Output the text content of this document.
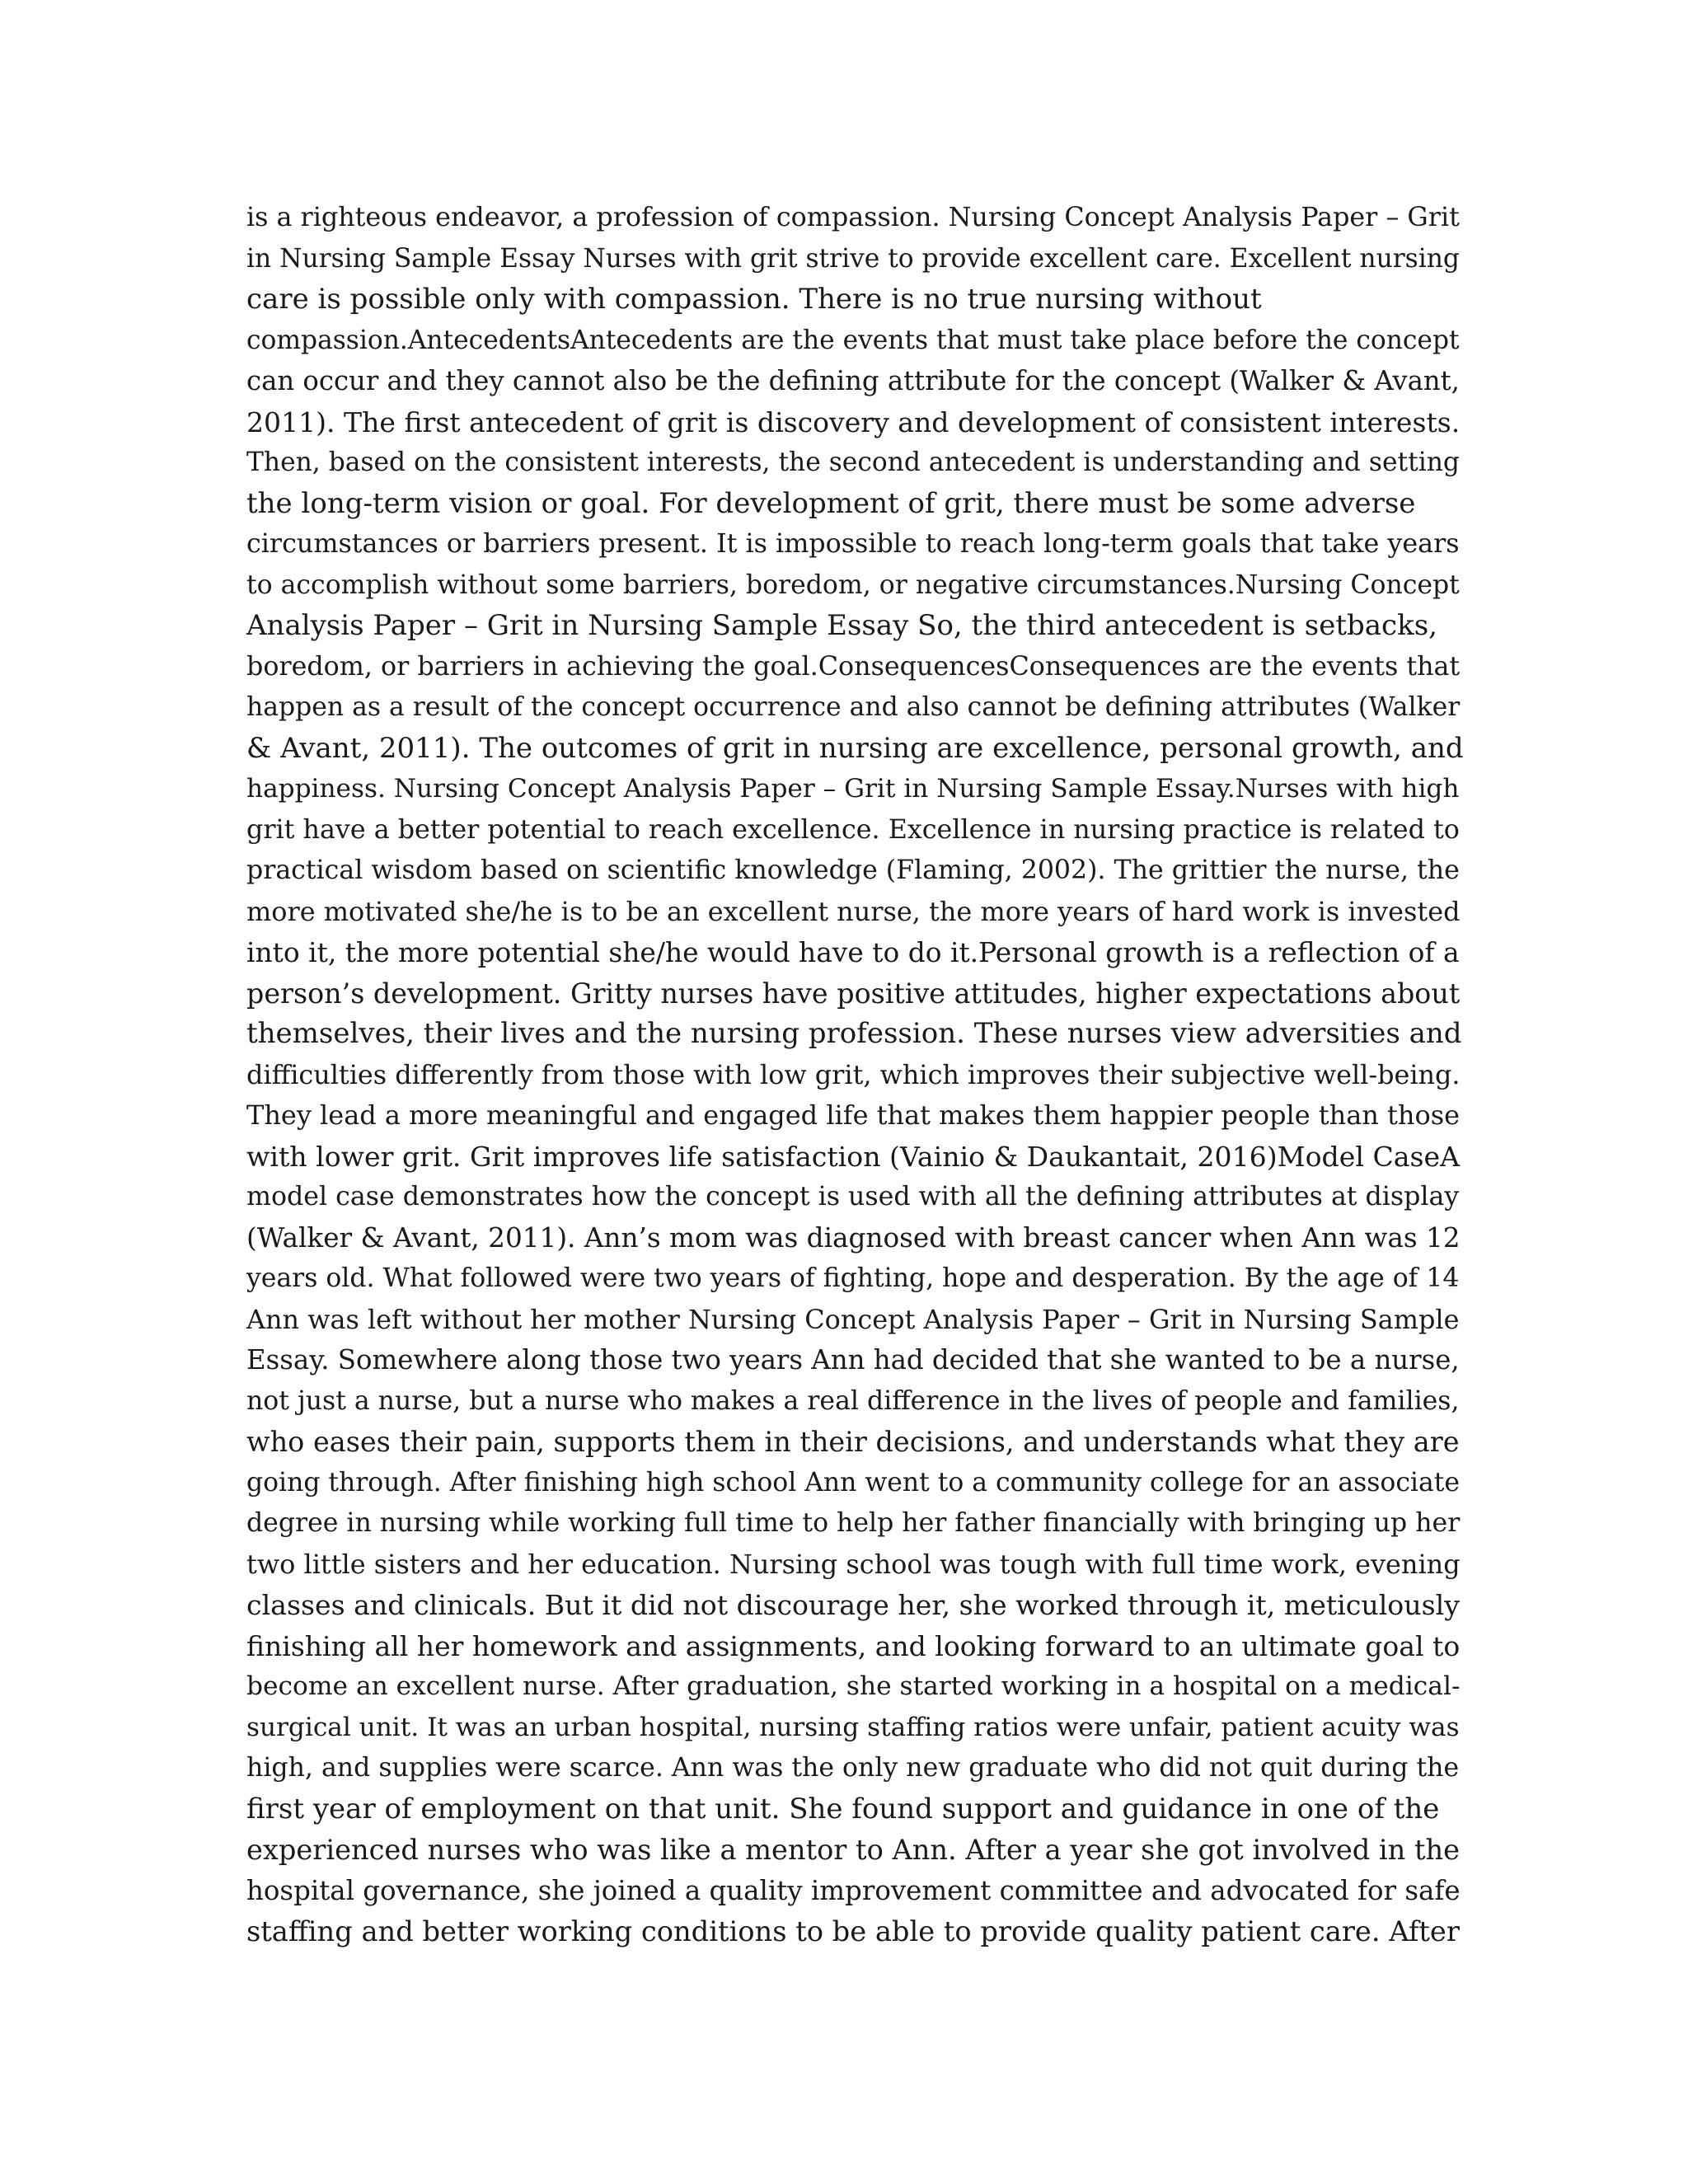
is a righteous endeavor, a profession of compassion. Nursing Concept Analysis Paper – Grit
in Nursing Sample Essay Nurses with grit strive to provide excellent care. Excellent nursing
care is possible only with compassion. There is no true nursing without
compassion.AntecedentsAntecedents are the events that must take place before the concept
can occur and they cannot also be the defining attribute for the concept (Walker & Avant,
2011). The first antecedent of grit is discovery and development of consistent interests.
Then, based on the consistent interests, the second antecedent is understanding and setting
the long-term vision or goal. For development of grit, there must be some adverse
circumstances or barriers present. It is impossible to reach long-term goals that take years
to accomplish without some barriers, boredom, or negative circumstances.Nursing Concept
Analysis Paper – Grit in Nursing Sample Essay So, the third antecedent is setbacks,
boredom, or barriers in achieving the goal.ConsequencesConsequences are the events that
happen as a result of the concept occurrence and also cannot be defining attributes (Walker
& Avant, 2011). The outcomes of grit in nursing are excellence, personal growth, and
happiness. Nursing Concept Analysis Paper – Grit in Nursing Sample Essay.Nurses with high
grit have a better potential to reach excellence. Excellence in nursing practice is related to
practical wisdom based on scientific knowledge (Flaming, 2002). The grittier the nurse, the
more motivated she/he is to be an excellent nurse, the more years of hard work is invested
into it, the more potential she/he would have to do it.Personal growth is a reflection of a
person’s development. Gritty nurses have positive attitudes, higher expectations about
themselves, their lives and the nursing profession. These nurses view adversities and
difficulties differently from those with low grit, which improves their subjective well-being.
They lead a more meaningful and engaged life that makes them happier people than those
with lower grit. Grit improves life satisfaction (Vainio & Daukantait, 2016)Model CaseA
model case demonstrates how the concept is used with all the defining attributes at display
(Walker & Avant, 2011). Ann’s mom was diagnosed with breast cancer when Ann was 12
years old. What followed were two years of fighting, hope and desperation. By the age of 14
Ann was left without her mother Nursing Concept Analysis Paper – Grit in Nursing Sample
Essay. Somewhere along those two years Ann had decided that she wanted to be a nurse,
not just a nurse, but a nurse who makes a real difference in the lives of people and families,
who eases their pain, supports them in their decisions, and understands what they are
going through. After finishing high school Ann went to a community college for an associate
degree in nursing while working full time to help her father financially with bringing up her
two little sisters and her education. Nursing school was tough with full time work, evening
classes and clinicals. But it did not discourage her, she worked through it, meticulously
finishing all her homework and assignments, and looking forward to an ultimate goal to
become an excellent nurse. After graduation, she started working in a hospital on a medical-
surgical unit. It was an urban hospital, nursing staffing ratios were unfair, patient acuity was
high, and supplies were scarce. Ann was the only new graduate who did not quit during the
first year of employment on that unit. She found support and guidance in one of the
experienced nurses who was like a mentor to Ann. After a year she got involved in the
hospital governance, she joined a quality improvement committee and advocated for safe
staffing and better working conditions to be able to provide quality patient care. After
